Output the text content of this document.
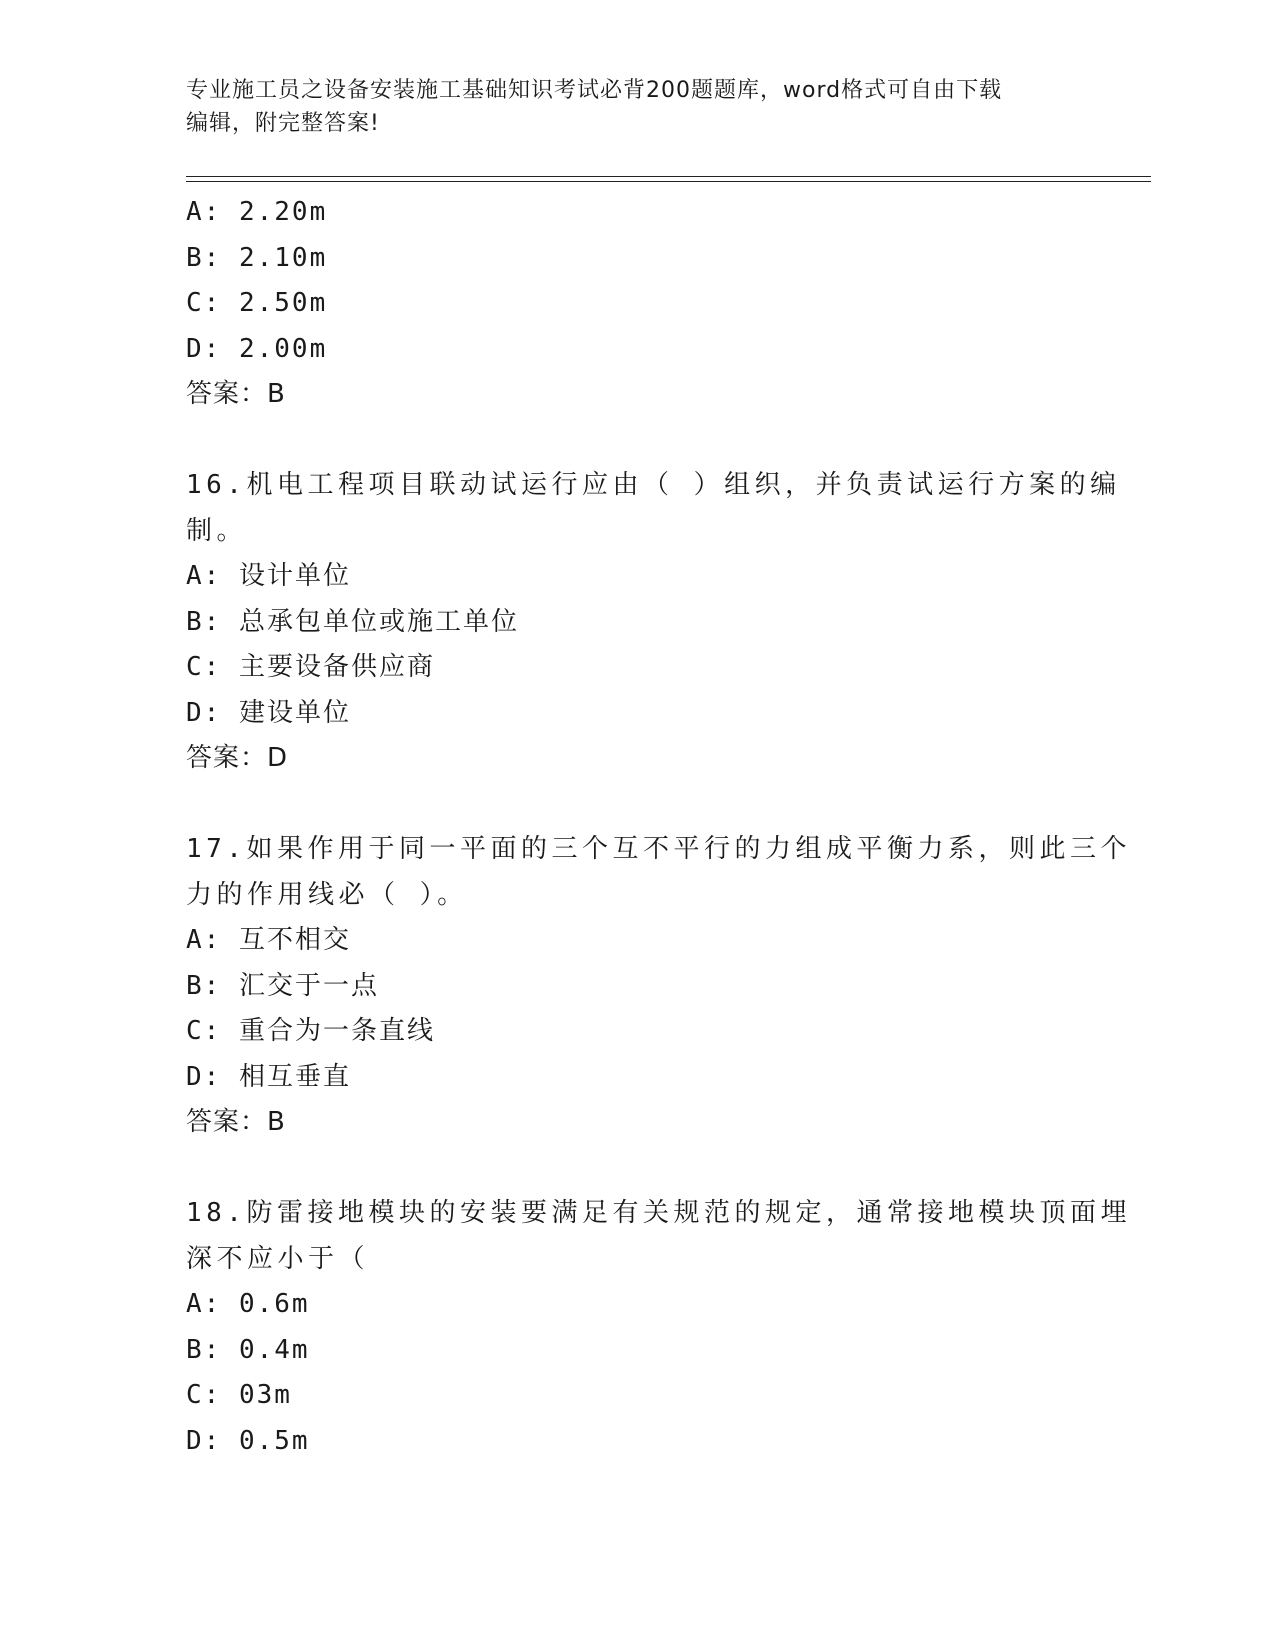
专业施工员之设备安装施工基础知识考试必背200题题库，word格式可自由下载
编辑，附完整答案!
A: 2.20m
B: 2.10m
C: 2.50m
D: 2.00m
答案：B
16.机电工程项目联动试运行应由（ ）组织，并负责试运行方案的编
制。
A: 设计单位
B: 总承包单位或施工单位
C: 主要设备供应商
D: 建设单位
答案：D
17.如果作用于同一平面的三个互不平行的力组成平衡力系，则此三个
力的作用线必（ ）。
A: 互不相交
B: 汇交于一点
C: 重合为一条直线
D: 相互垂直
答案：B
18.防雷接地模块的安装要满足有关规范的规定，通常接地模块顶面埋
深不应小于（
A: 0.6m
B: 0.4m
C: 03m
D: 0.5m
